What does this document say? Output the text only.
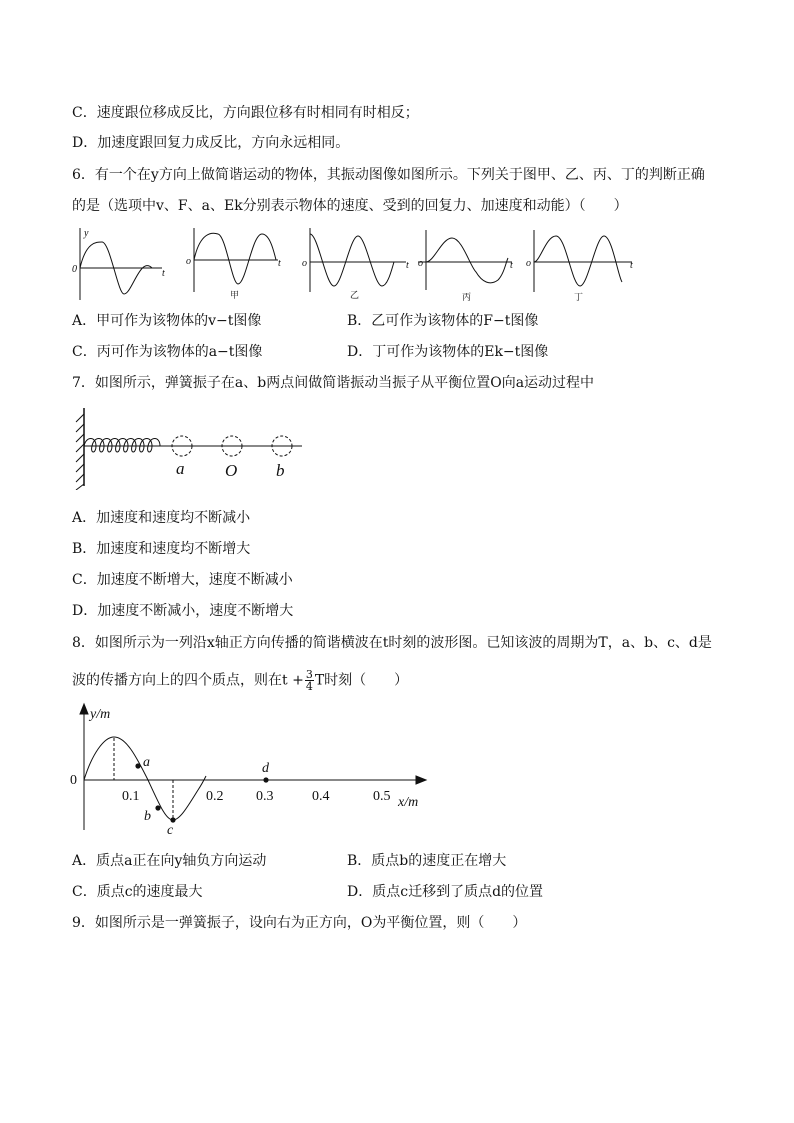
C．速度跟位移成反比，方向跟位移有时相同有时相反；
D．加速度跟回复力成反比，方向永远相同。
6．有一个在y方向上做简谐运动的物体，其振动图像如图所示。下列关于图甲、乙、丙、丁的判断正确
的是（选项中v、F、a、Ek分别表示物体的速度、受到的回复力、加速度和动能）（　　）
y
0	t
o	t
甲
o	t
乙
o	t
丙
o	t
丁
A．甲可作为该物体的v−t图像	B．乙可作为该物体的F−t图像
C．丙可作为该物体的a−t图像	D．丁可作为该物体的Ek−t图像
7．如图所示，弹簧振子在a、b两点间做简谐振动当振子从平衡位置O向a运动过程中
a O b
A．加速度和速度均不断减小
B．加速度和速度均不断增大
C．加速度不断增大，速度不断减小
D．加速度不断减小，速度不断增大
8．如图所示为一列沿x轴正方向传播的简谐横波在t时刻的波形图。已知该波的周期为T，a、b、c、d是
波的传播方向上的四个质点，则在$t + \frac{3}{4}$ T时刻（　　）
y/m
0
0.1	0.2 0.3	0.4	0.5 x/m
a
b
c
d
A．质点a正在向y轴负方向运动	B．质点b的速度正在增大
C．质点c的速度最大	D．质点c迁移到了质点d的位置
9．如图所示是一弹簧振子，设向右为正方向，O为平衡位置，则（　　）
